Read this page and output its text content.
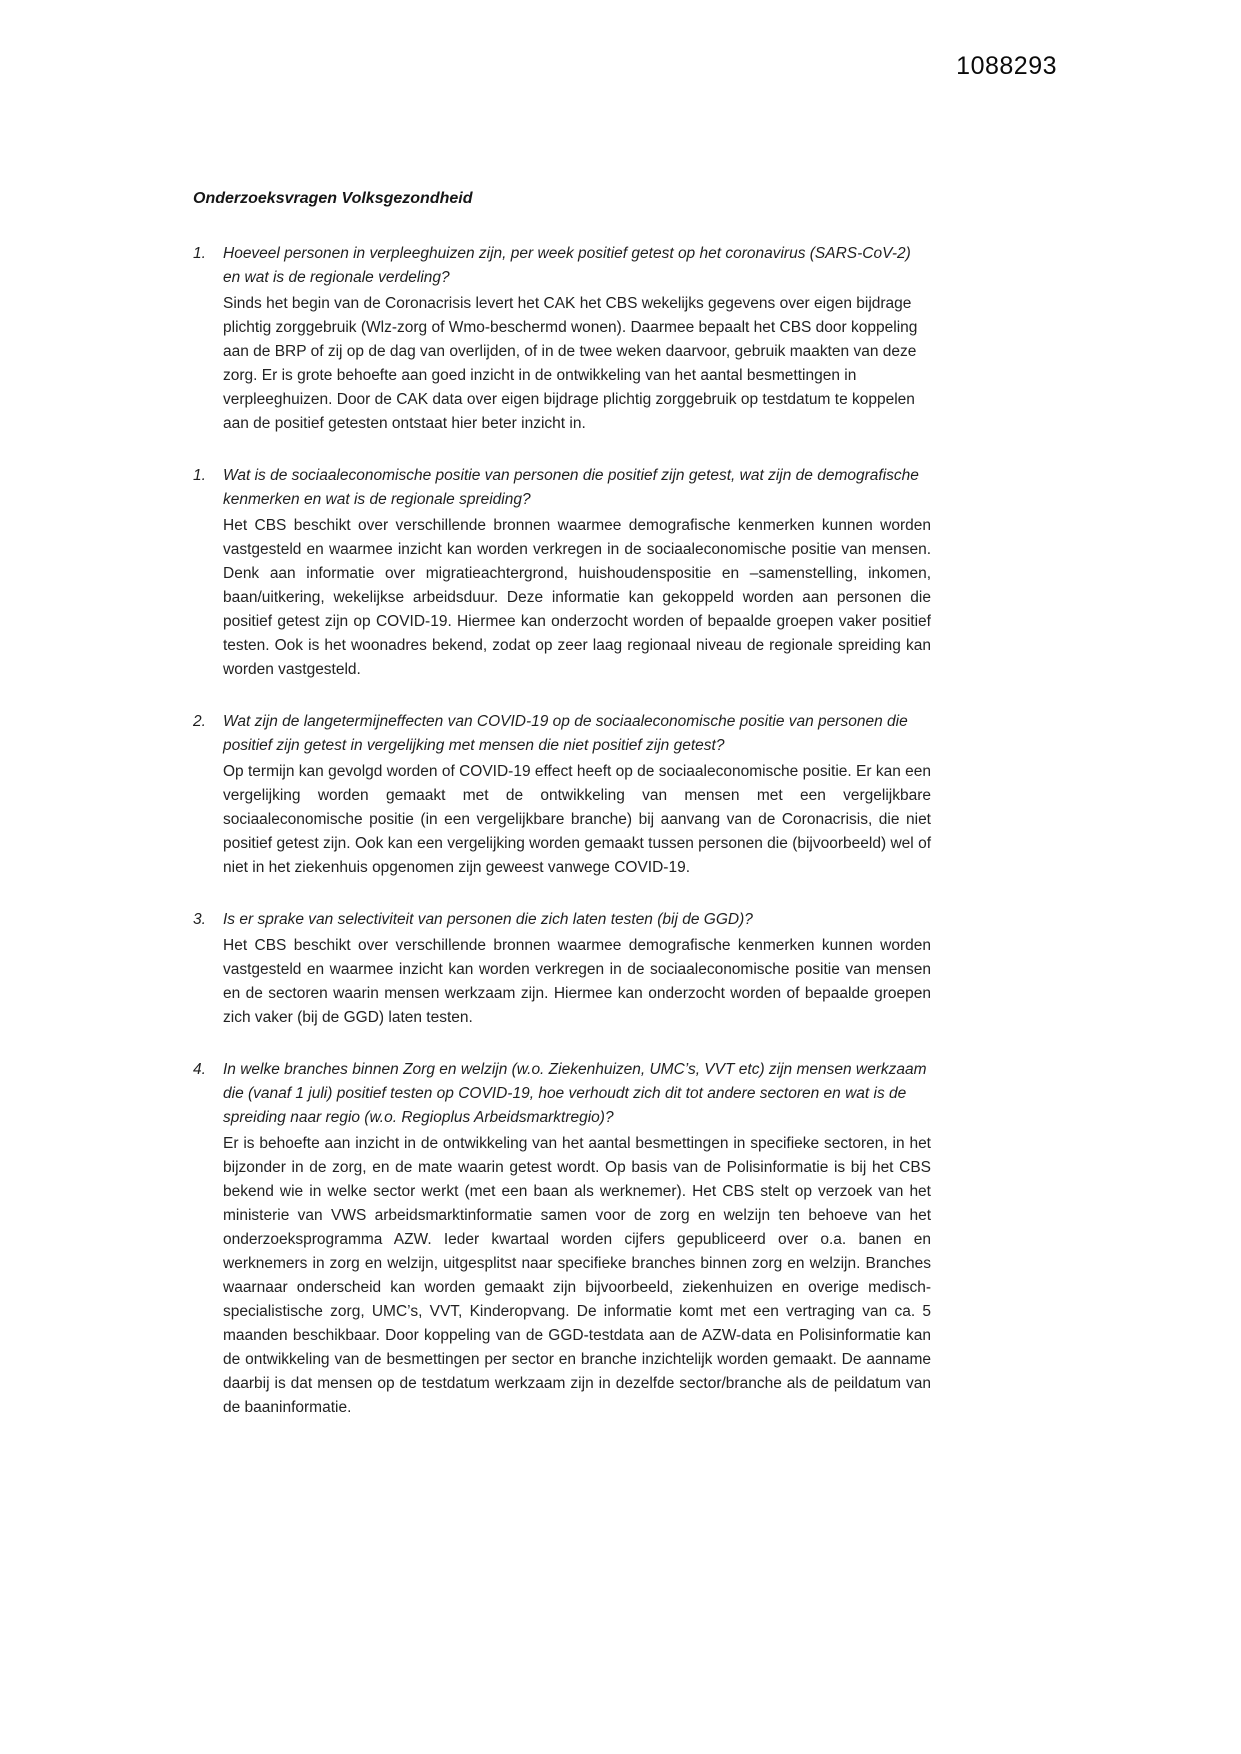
1088293
Onderzoeksvragen Volksgezondheid
1.	Hoeveel personen in verpleeghuizen zijn, per week positief getest op het coronavirus (SARS-CoV-2) en wat is de regionale verdeling?
Sinds het begin van de Coronacrisis levert het CAK het CBS wekelijks gegevens over eigen bijdrage plichtig zorggebruik (Wlz-zorg of Wmo-beschermd wonen). Daarmee bepaalt het CBS door koppeling aan de BRP of zij op de dag van overlijden, of in de twee weken daarvoor, gebruik maakten van deze zorg. Er is grote behoefte aan goed inzicht in de ontwikkeling van het aantal besmettingen in verpleeghuizen. Door de CAK data over eigen bijdrage plichtig zorggebruik op testdatum te koppelen aan de positief getesten ontstaat hier beter inzicht in.
1.	Wat is de sociaaleconomische positie van personen die positief zijn getest, wat zijn de demografische kenmerken en wat is de regionale spreiding?
Het CBS beschikt over verschillende bronnen waarmee demografische kenmerken kunnen worden vastgesteld en waarmee inzicht kan worden verkregen in de sociaaleconomische positie van mensen. Denk aan informatie over migratieachtergrond, huishoudenspositie en –samenstelling, inkomen, baan/uitkering, wekelijkse arbeidsduur. Deze informatie kan gekoppeld worden aan personen die positief getest zijn op COVID-19. Hiermee kan onderzocht worden of bepaalde groepen vaker positief testen. Ook is het woonadres bekend, zodat op zeer laag regionaal niveau de regionale spreiding kan worden vastgesteld.
2.	Wat zijn de langetermijneffecten van COVID-19 op de sociaaleconomische positie van personen die positief zijn getest in vergelijking met mensen die niet positief zijn getest?
Op termijn kan gevolgd worden of COVID-19 effect heeft op de sociaaleconomische positie. Er kan een vergelijking worden gemaakt met de ontwikkeling van mensen met een vergelijkbare sociaaleconomische positie (in een vergelijkbare branche) bij aanvang van de Coronacrisis, die niet positief getest zijn. Ook kan een vergelijking worden gemaakt tussen personen die (bijvoorbeeld) wel of niet in het ziekenhuis opgenomen zijn geweest vanwege COVID-19.
3.	Is er sprake van selectiviteit van personen die zich laten testen (bij de GGD)?
Het CBS beschikt over verschillende bronnen waarmee demografische kenmerken kunnen worden vastgesteld en waarmee inzicht kan worden verkregen in de sociaaleconomische positie van mensen en de sectoren waarin mensen werkzaam zijn. Hiermee kan onderzocht worden of bepaalde groepen zich vaker (bij de GGD) laten testen.
4.	In welke branches binnen Zorg en welzijn (w.o. Ziekenhuizen, UMC’s, VVT etc) zijn mensen werkzaam die (vanaf 1 juli) positief testen op COVID-19, hoe verhoudt zich dit tot andere sectoren en wat is de spreiding naar regio (w.o. Regioplus Arbeidsmarktregio)?
Er is behoefte aan inzicht in de ontwikkeling van het aantal besmettingen in specifieke sectoren, in het bijzonder in de zorg, en de mate waarin getest wordt. Op basis van de Polisinformatie is bij het CBS bekend wie in welke sector werkt (met een baan als werknemer). Het CBS stelt op verzoek van het ministerie van VWS arbeidsmarktinformatie samen voor de zorg en welzijn ten behoeve van het onderzoeksprogramma AZW. Ieder kwartaal worden cijfers gepubliceerd over o.a. banen en werknemers in zorg en welzijn, uitgesplitst naar specifieke branches binnen zorg en welzijn. Branches waarnaar onderscheid kan worden gemaakt zijn bijvoorbeeld, ziekenhuizen en overige medisch-specialistische zorg, UMC’s, VVT, Kinderopvang. De informatie komt met een vertraging van ca. 5 maanden beschikbaar. Door koppeling van de GGD-testdata aan de AZW-data en Polisinformatie kan de ontwikkeling van de besmettingen per sector en branche inzichtelijk worden gemaakt. De aanname daarbij is dat mensen op de testdatum werkzaam zijn in dezelfde sector/branche als de peildatum van de baaninformatie.
